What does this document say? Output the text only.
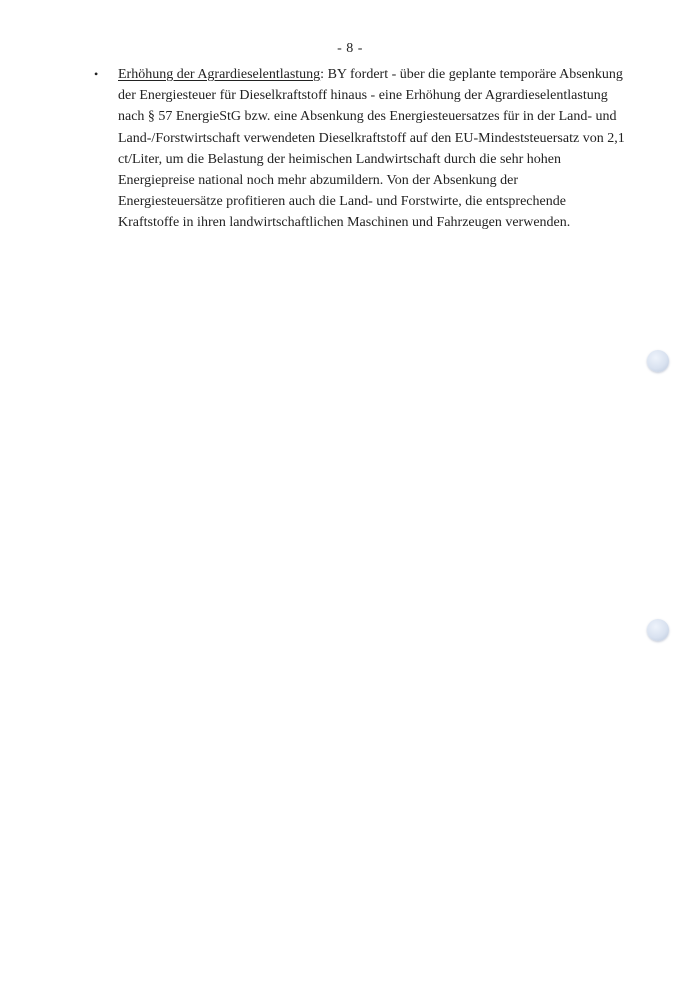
- 8 -
•	Erhöhung der Agrardieselentlastung: BY fordert - über die geplante temporäre Absenkung
der Energiesteuer für Dieselkraftstoff hinaus - eine Erhöhung der Agrardieselentlastung
nach § 57 EnergieStG bzw. eine Absenkung des Energiesteuersatzes für in der Land- und
Land-/Forstwirtschaft verwendeten Dieselkraftstoff auf den EU-Mindeststeuersatz von 2,1
ct/Liter, um die Belastung der heimischen Landwirtschaft durch die sehr hohen
Energiepreise national noch mehr abzumildern. Von der Absenkung der
Energiesteuersätze profitieren auch die Land- und Forstwirte, die entsprechende
Kraftstoffe in ihren landwirtschaftlichen Maschinen und Fahrzeugen verwenden.
